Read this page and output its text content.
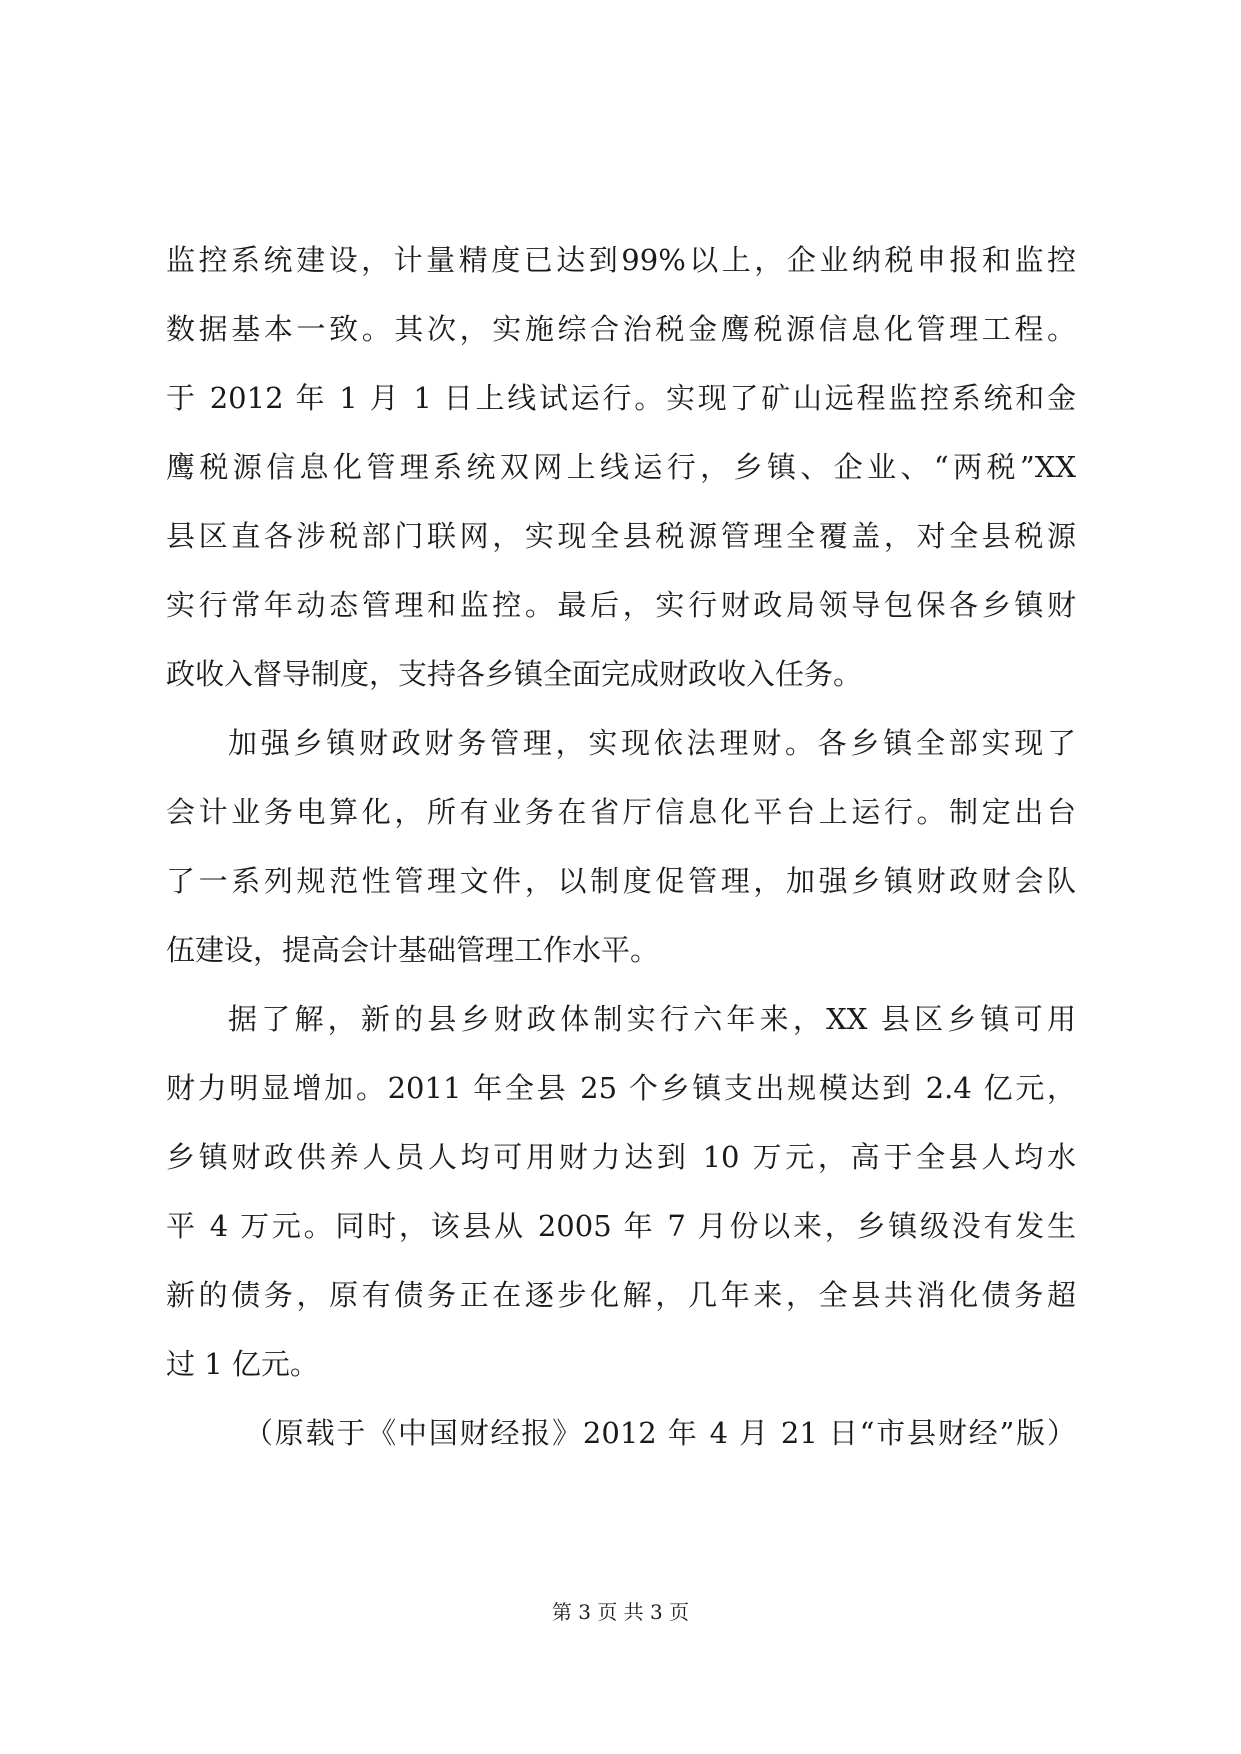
监控系统建设，计量精度已达到99%以上，企业纳税申报和监控
数据基本一致。其次，实施综合治税金鹰税源信息化管理工程。
于 2012 年 1 月 1 日上线试运行。实现了矿山远程监控系统和金
鹰税源信息化管理系统双网上线运行，乡镇、企业、“两税”XX
县区直各涉税部门联网，实现全县税源管理全覆盖，对全县税源
实行常年动态管理和监控。最后，实行财政局领导包保各乡镇财
政收入督导制度，支持各乡镇全面完成财政收入任务。
加强乡镇财政财务管理，实现依法理财。各乡镇全部实现了
会计业务电算化，所有业务在省厅信息化平台上运行。制定出台
了一系列规范性管理文件，以制度促管理，加强乡镇财政财会队
伍建设，提高会计基础管理工作水平。
据了解，新的县乡财政体制实行六年来，XX 县区乡镇可用
财力明显增加。2011 年全县 25 个乡镇支出规模达到 2.4 亿元，
乡镇财政供养人员人均可用财力达到 10 万元，高于全县人均水
平 4 万元。同时，该县从 2005 年 7 月份以来，乡镇级没有发生
新的债务，原有债务正在逐步化解，几年来，全县共消化债务超
过 1 亿元。
（原载于《中国财经报》2012 年 4 月 21 日“市县财经”版）
第 3 页 共 3 页
